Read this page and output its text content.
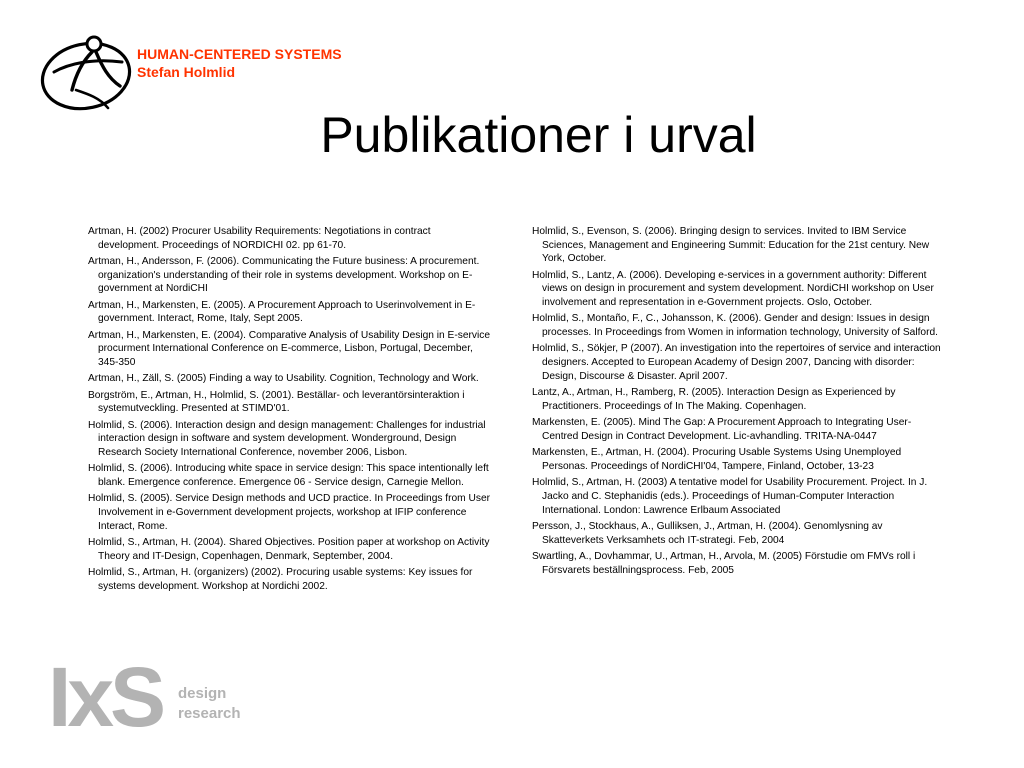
HUMAN-CENTERED SYSTEMS
Stefan Holmlid
Publikationer i urval
Artman, H. (2002) Procurer Usability Requirements: Negotiations in contract development. Proceedings of NORDICHI 02. pp 61-70.
Artman, H., Andersson, F. (2006). Communicating the Future business: A procurement. organization's understanding of their role in systems development. Workshop on E-government at NordiCHI
Artman, H., Markensten, E. (2005). A Procurement Approach to Userinvolvement in E-government. Interact, Rome, Italy, Sept 2005.
Artman, H., Markensten, E. (2004). Comparative Analysis of Usability Design in E-service procurment International Conference on E-commerce, Lisbon, Portugal, December, 345-350
Artman, H., Zäll, S. (2005) Finding a way to Usability. Cognition, Technology and Work.
Borgström, E., Artman, H., Holmlid, S. (2001). Beställar- och leverantörsinteraktion i systemutveckling. Presented at STIMD'01.
Holmlid, S. (2006). Interaction design and design management: Challenges for industrial interaction design in software and system development. Wonderground, Design Research Society International Conference, november 2006, Lisbon.
Holmlid, S. (2006). Introducing white space in service design: This space intentionally left blank. Emergence conference. Emergence 06 - Service design, Carnegie Mellon.
Holmlid, S. (2005). Service Design methods and UCD practice. In Proceedings from User Involvement in e-Government development projects, workshop at IFIP conference Interact, Rome.
Holmlid, S., Artman, H. (2004). Shared Objectives. Position paper at workshop on Activity Theory and IT-Design, Copenhagen, Denmark, September, 2004.
Holmlid, S., Artman, H. (organizers) (2002). Procuring usable systems: Key issues for systems development. Workshop at Nordichi 2002.
Holmlid, S., Evenson, S. (2006). Bringing design to services. Invited to IBM Service Sciences, Management and Engineering Summit: Education for the 21st century. New York, October.
Holmlid, S., Lantz, A. (2006). Developing e-services in a government authority: Different views on design in procurement and system development. NordiCHI workshop on User involvement and representation in e-Government projects. Oslo, October.
Holmlid, S., Montaño, F., C., Johansson, K. (2006). Gender and design: Issues in design processes. In Proceedings from Women in information technology, University of Salford.
Holmlid, S., Sökjer, P (2007). An investigation into the repertoires of service and interaction designers. Accepted to European Academy of Design 2007, Dancing with disorder: Design, Discourse & Disaster. April 2007.
Lantz, A., Artman, H., Ramberg, R. (2005). Interaction Design as Experienced by Practitioners. Proceedings of In The Making. Copenhagen.
Markensten, E. (2005). Mind The Gap: A Procurement Approach to Integrating User-Centred Design in Contract Development. Lic-avhandling. TRITA-NA-0447
Markensten, E., Artman, H. (2004). Procuring Usable Systems Using Unemployed Personas. Proceedings of NordiCHI'04, Tampere, Finland, October, 13-23
Holmlid, S., Artman, H. (2003) A tentative model for Usability Procurement. Project. In J. Jacko and C. Stephanidis (eds.). Proceedings of Human-Computer Interaction International. London: Lawrence Erlbaum Associated
Persson, J., Stockhaus, A., Gulliksen, J., Artman, H. (2004). Genomlysning av Skatteverkets Verksamhets och IT-strategi. Feb, 2004
Swartling, A., Dovhammar, U., Artman, H., Arvola, M. (2005) Förstudie om FMVs roll i Försvarets beställningsprocess. Feb, 2005
IxS design
research
